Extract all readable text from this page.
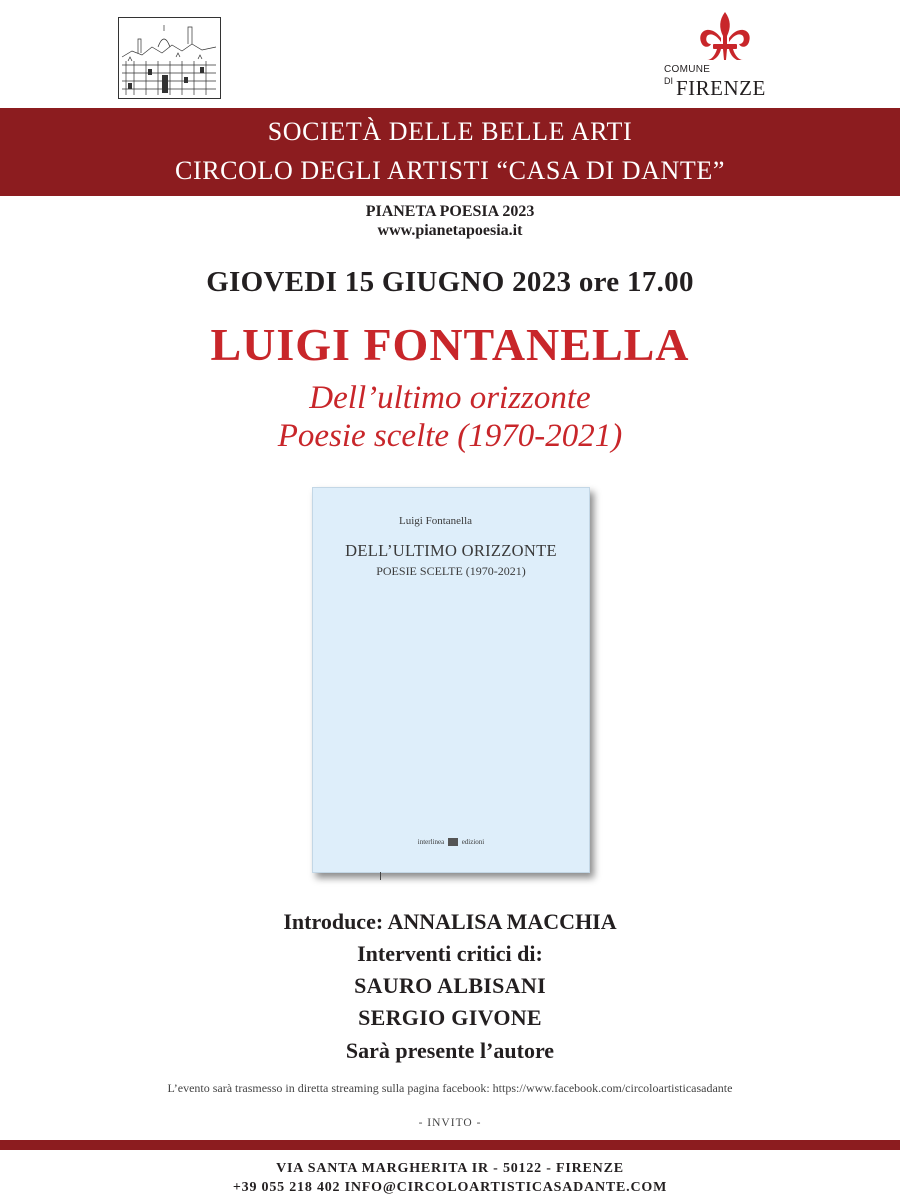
COMUNE
DI FIRENZE
SOCIETÀ DELLE BELLE ARTI
CIRCOLO DEGLI ARTISTI “CASA DI DANTE”
PIANETA POESIA 2023
www.pianetapoesia.it
GIOVEDI 15 GIUGNO 2023 ore 17.00
LUIGI FONTANELLA
Dell’ultimo orizzonte
Poesie scelte (1970-2021)
Luigi Fontanella
DELL’ULTIMO ORIZZONTE
POESIE SCELTE (1970-2021)
interlinea	edizioni
Introduce: ANNALISA MACCHIA
Interventi critici di:
SAURO ALBISANI
SERGIO GIVONE
Sarà presente l’autore
L’evento sarà trasmesso in diretta streaming sulla pagina facebook: https://www.facebook.com/circoloartisticasadante
- INVITO -
VIA SANTA MARGHERITA IR - 50122 - FIRENZE
+39 055 218 402 INFO@CIRCOLOARTISTICASADANTE.COM
